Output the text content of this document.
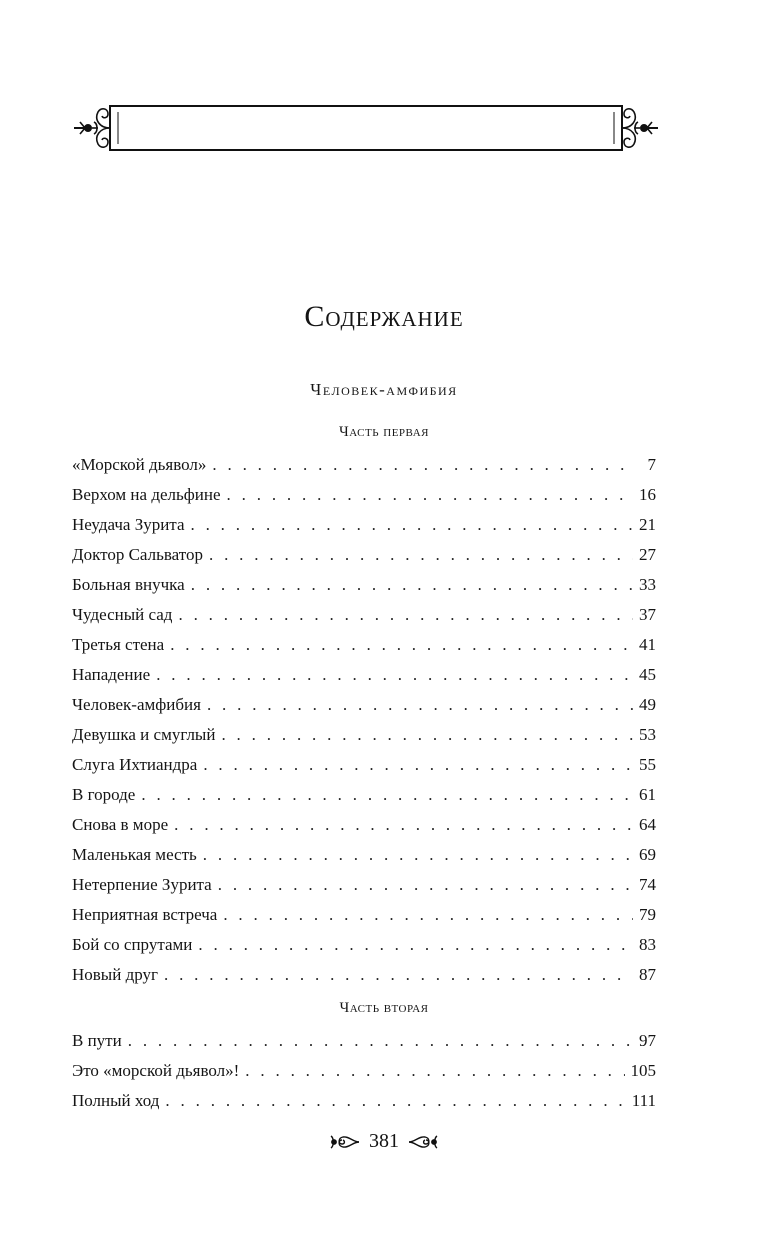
Содержание
Человек-амфибия
Часть первая
«Морской дьявол» . . .	7
Верхом на дельфине . . .	16
Неудача Зурита . . .	21
Доктор Сальватор . . .	27
Больная внучка . . .	33
Чудесный сад . . .	37
Третья стена . . .	41
Нападение . . .	45
Человек-амфибия . . .	49
Девушка и смуглый . . .	53
Слуга Ихтиандра . . .	55
В городе . . .	61
Снова в море . . .	64
Маленькая месть . . .	69
Нетерпение Зурита . . .	74
Неприятная встреча . . .	79
Бой со спрутами . . .	83
Новый друг . . .	87
Часть вторая
В пути . . .	97
Это «морской дьявол»! . . .	105
Полный ход . . .	111
381
